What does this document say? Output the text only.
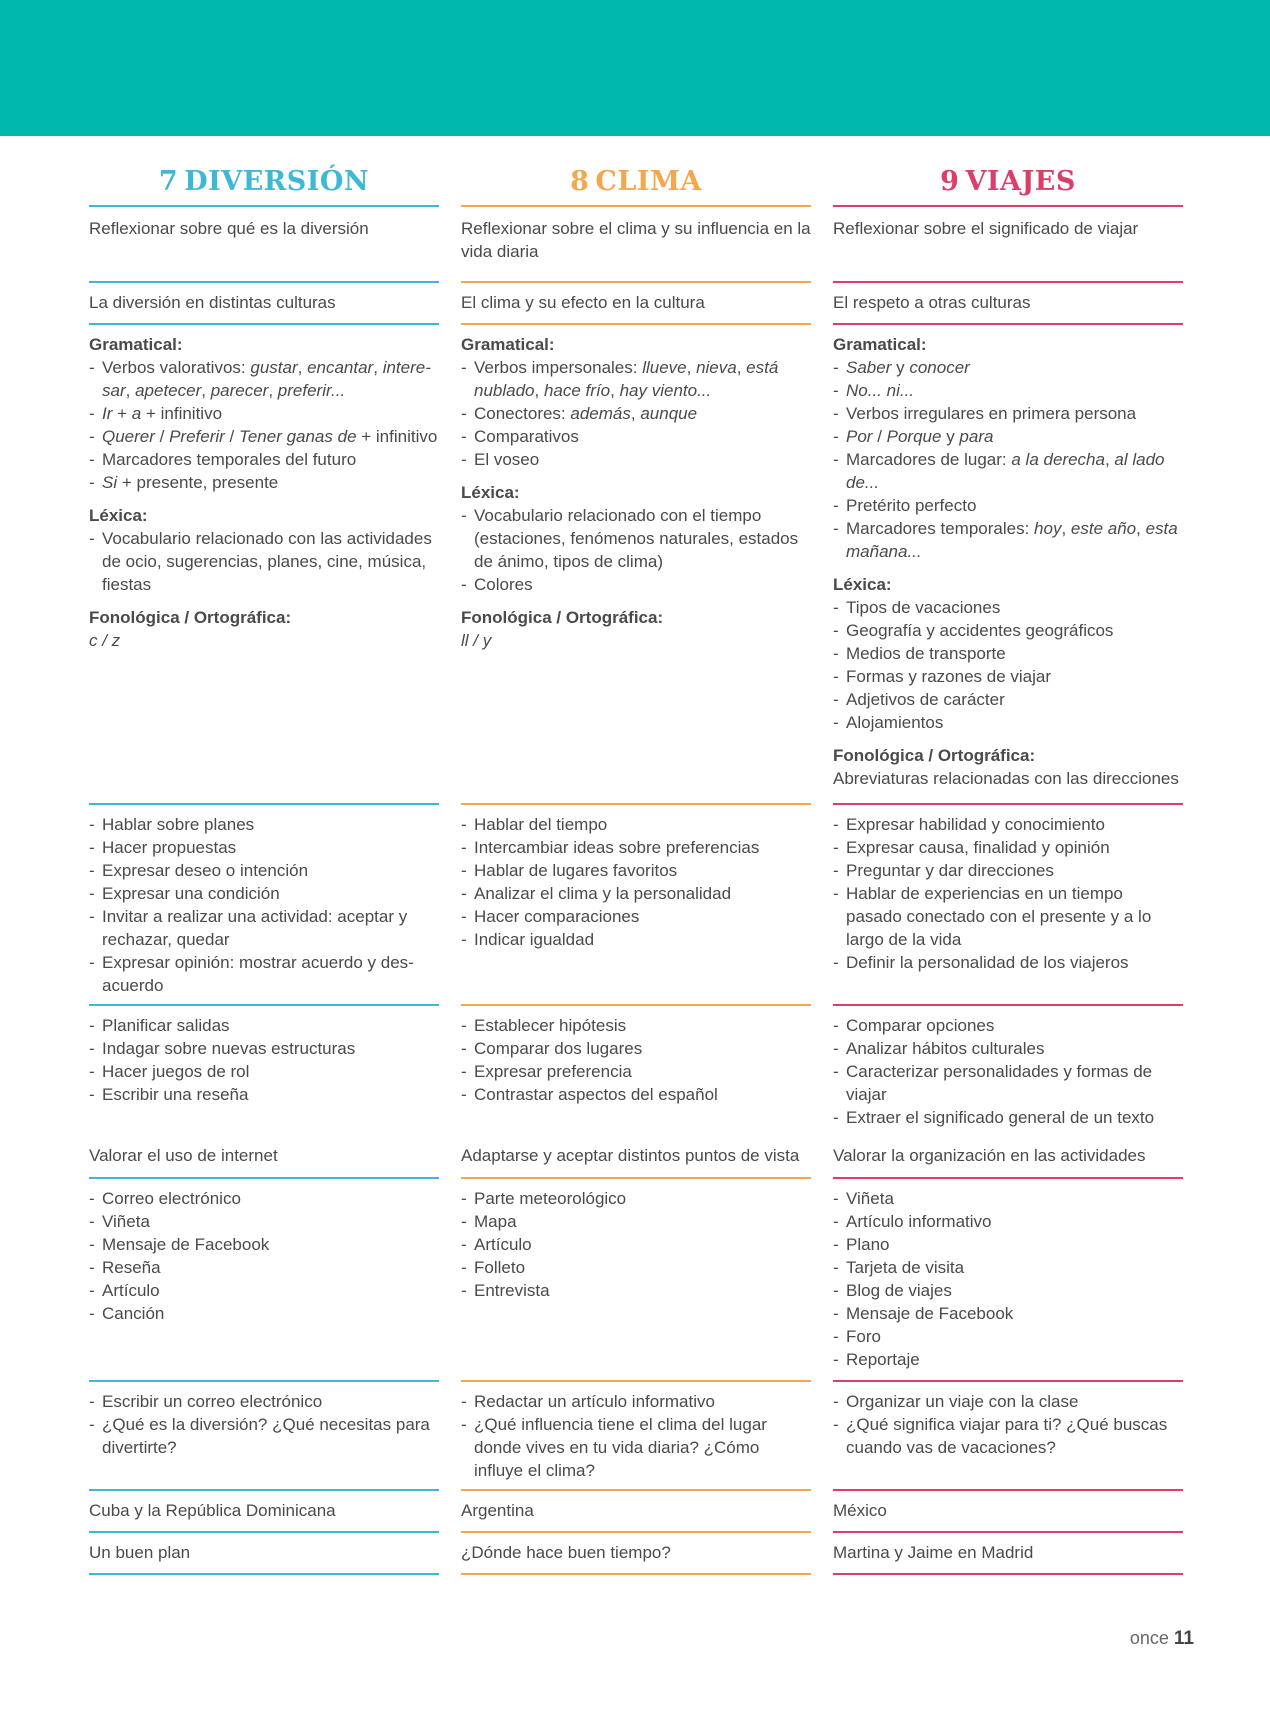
7 DIVERSIÓN
Reflexionar sobre qué es la diversión
La diversión en distintas culturas
Valorar el uso de internet
Cuba y la República Dominicana
Un buen plan
Gramatical:
- Verbos valorativos: gustar, encantar, intere-sar, apetecer, parecer, preferir...
- Ir + a + infinitivo
- Querer / Preferir / Tener ganas de + infinitivo
- Marcadores temporales del futuro
- Si + presente, presente
Léxica:
- Vocabulario relacionado con las actividades de ocio, sugerencias, planes, cine, música, fiestas
Fonológica / Ortográfica:
c / z
- Hablar sobre planes
- Hacer propuestas
- Expresar deseo o intención
- Expresar una condición
- Invitar a realizar una actividad: aceptar y rechazar, quedar
- Expresar opinión: mostrar acuerdo y des-acuerdo
- Planificar salidas
- Indagar sobre nuevas estructuras
- Hacer juegos de rol
- Escribir una reseña
- Correo electrónico
- Viñeta
- Mensaje de Facebook
- Reseña
- Artículo
- Canción
- Escribir un correo electrónico
- ¿Qué es la diversión? ¿Qué necesitas para divertirte?
8 CLIMA
Reflexionar sobre el clima y su influencia en la vida diaria
El clima y su efecto en la cultura
Adaptarse y aceptar distintos puntos de vista
Argentina
¿Dónde hace buen tiempo?
Gramatical:
- Verbos impersonales: llueve, nieva, está nublado, hace frío, hay viento...
- Conectores: además, aunque
- Comparativos
- El voseo
Léxica:
- Vocabulario relacionado con el tiempo (estaciones, fenómenos naturales, estados de ánimo, tipos de clima)
- Colores
Fonológica / Ortográfica:
ll / y
- Hablar del tiempo
- Intercambiar ideas sobre preferencias
- Hablar de lugares favoritos
- Analizar el clima y la personalidad
- Hacer comparaciones
- Indicar igualdad
- Establecer hipótesis
- Comparar dos lugares
- Expresar preferencia
- Contrastar aspectos del español
- Parte meteorológico
- Mapa
- Artículo
- Folleto
- Entrevista
- Redactar un artículo informativo
- ¿Qué influencia tiene el clima del lugar donde vives en tu vida diaria? ¿Cómo influye el clima?
9 VIAJES
Reflexionar sobre el significado de viajar
El respeto a otras culturas
Valorar la organización en las actividades
México
Martina y Jaime en Madrid
Gramatical:
- Saber y conocer
- No... ni...
- Verbos irregulares en primera persona
- Por / Porque y para
- Marcadores de lugar: a la derecha, al lado de...
- Pretérito perfecto
- Marcadores temporales: hoy, este año, esta mañana...
Léxica:
- Tipos de vacaciones
- Geografía y accidentes geográficos
- Medios de transporte
- Formas y razones de viajar
- Adjetivos de carácter
- Alojamientos
Fonológica / Ortográfica:
Abreviaturas relacionadas con las direcciones
- Expresar habilidad y conocimiento
- Expresar causa, finalidad y opinión
- Preguntar y dar direcciones
- Hablar de experiencias en un tiempo pasado conectado con el presente y a lo largo de la vida
- Definir la personalidad de los viajeros
- Comparar opciones
- Analizar hábitos culturales
- Caracterizar personalidades y formas de viajar
- Extraer el significado general de un texto
- Viñeta
- Artículo informativo
- Plano
- Tarjeta de visita
- Blog de viajes
- Mensaje de Facebook
- Foro
- Reportaje
- Organizar un viaje con la clase
- ¿Qué significa viajar para ti? ¿Qué buscas cuando vas de vacaciones?
once 11
